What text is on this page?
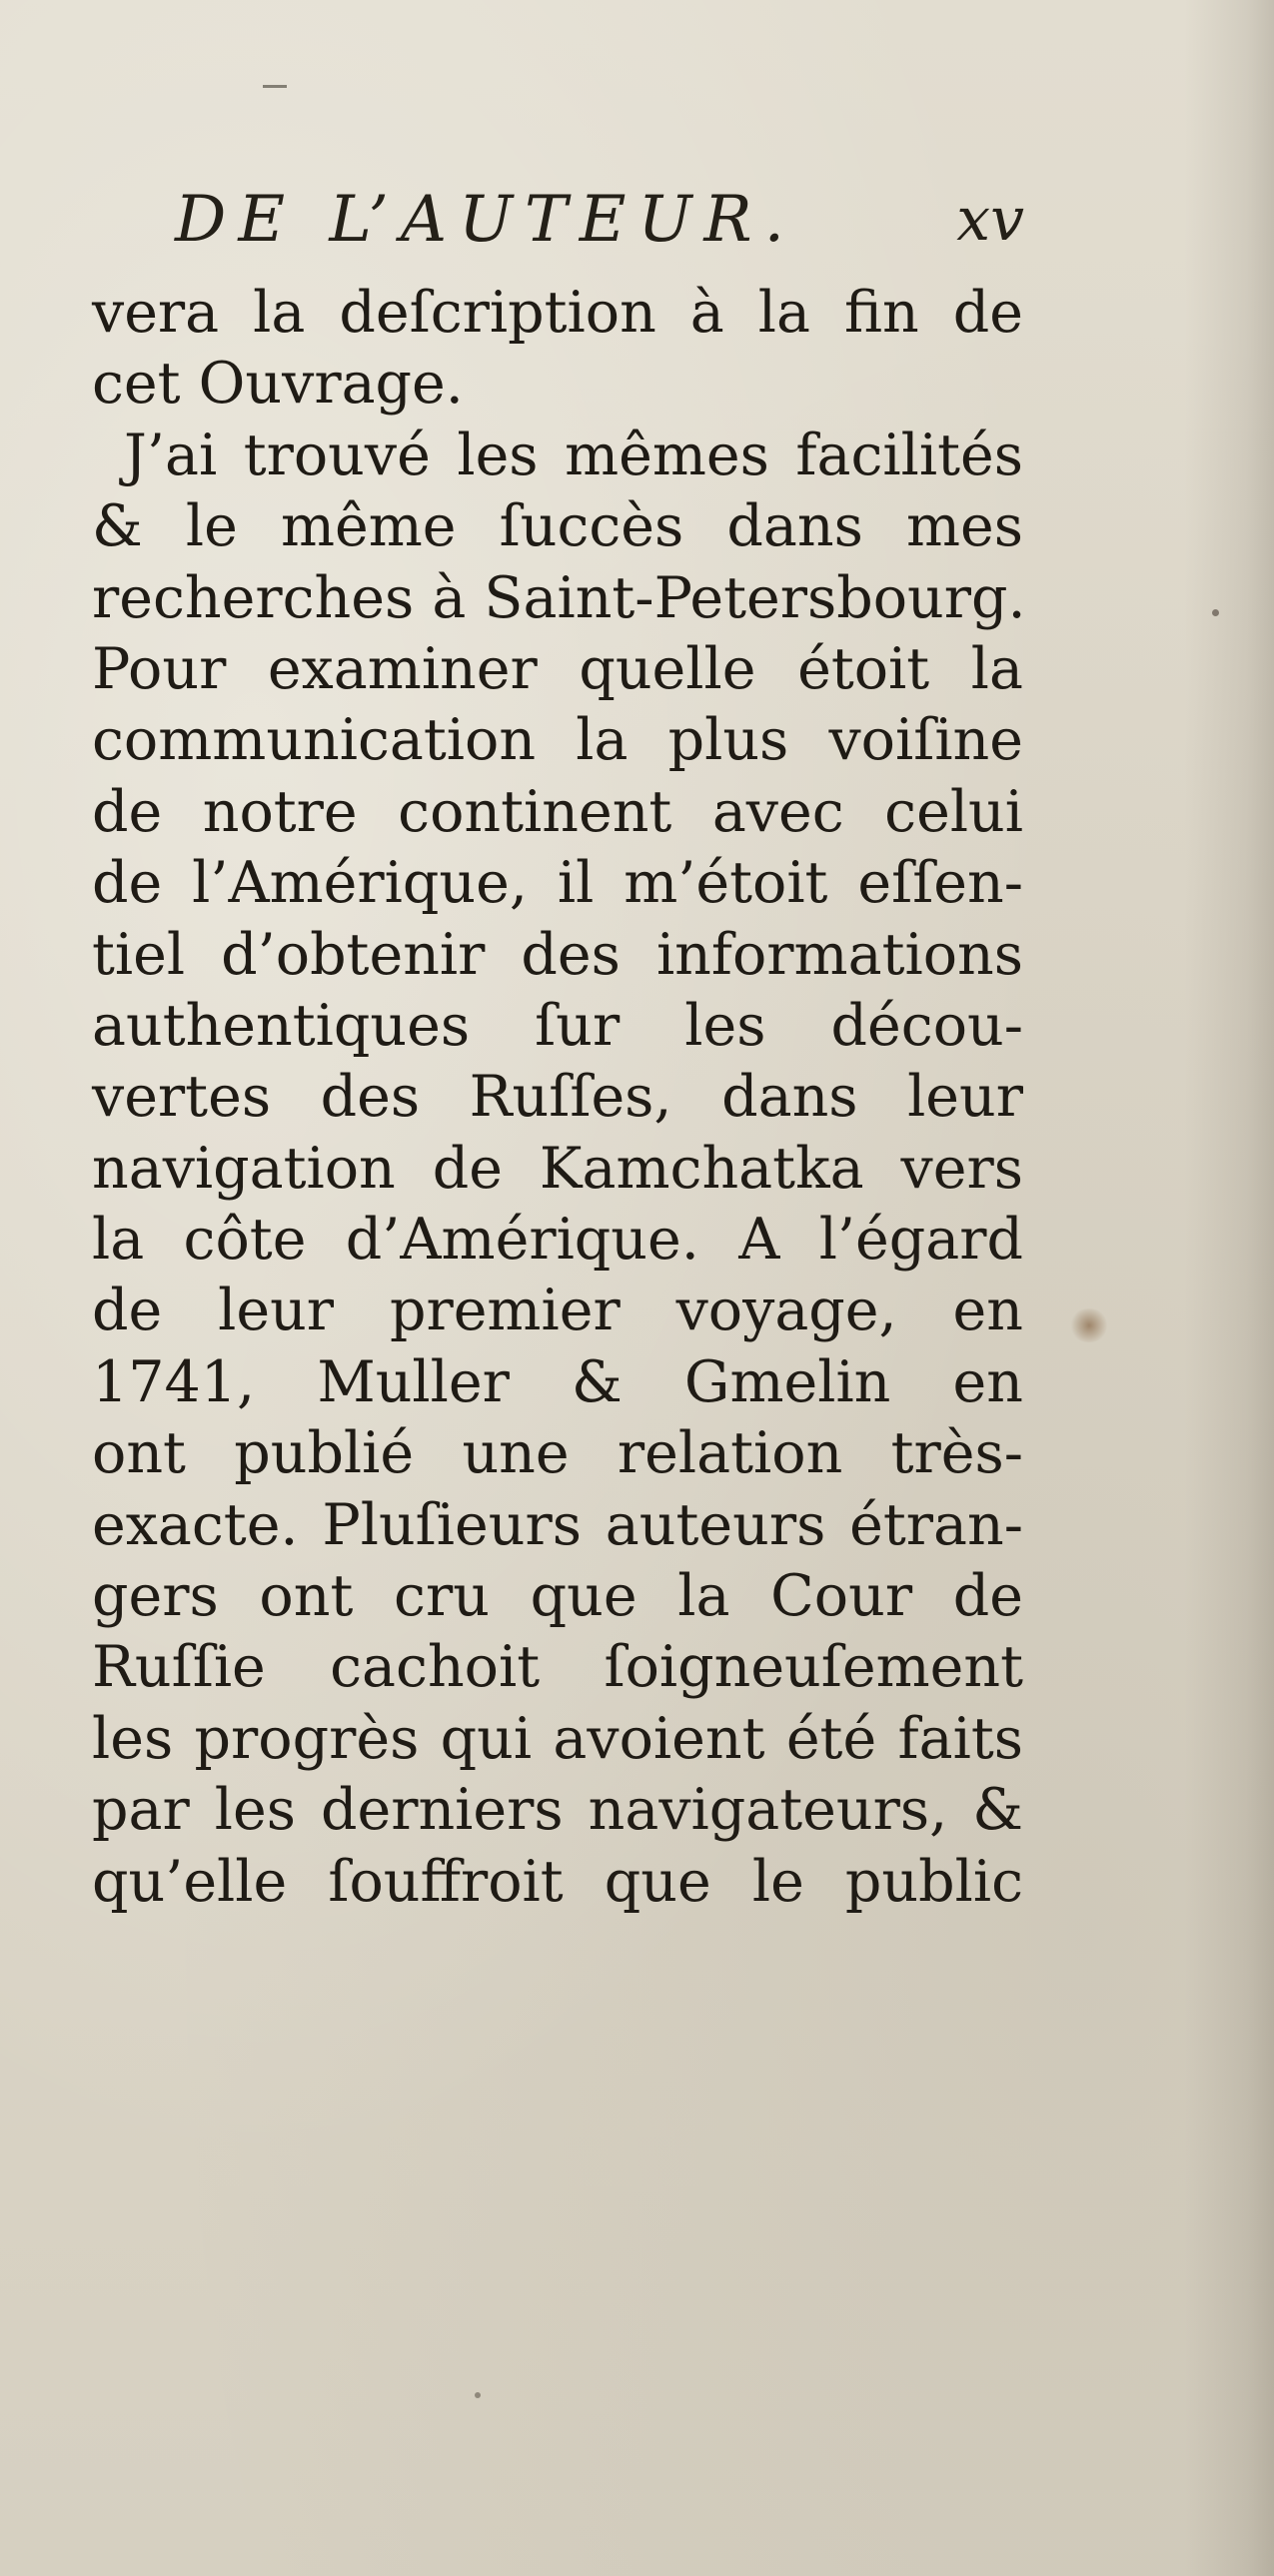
DE L’AUTEUR.	xv
vera la deſcription à la fin de
cet Ouvrage.
J’ai trouvé les mêmes facilités
& le même ſuccès dans mes
recherches à Saint-Petersbourg.
Pour examiner quelle étoit la
communication la plus voiſine
de notre continent avec celui
de l’Amérique, il m’étoit eſſen-
tiel d’obtenir des informations
authentiques ſur les décou-
vertes des Ruſſes, dans leur
navigation de Kamchatka vers
la côte d’Amérique. A l’égard
de leur premier voyage, en
1741, Muller & Gmelin en
ont publié une relation très-
exacte. Pluſieurs auteurs étran-
gers ont cru que la Cour de
Ruſſie cachoit ſoigneuſement
les progrès qui avoient été faits
par les derniers navigateurs, &
qu’elle ſouffroit que le public
